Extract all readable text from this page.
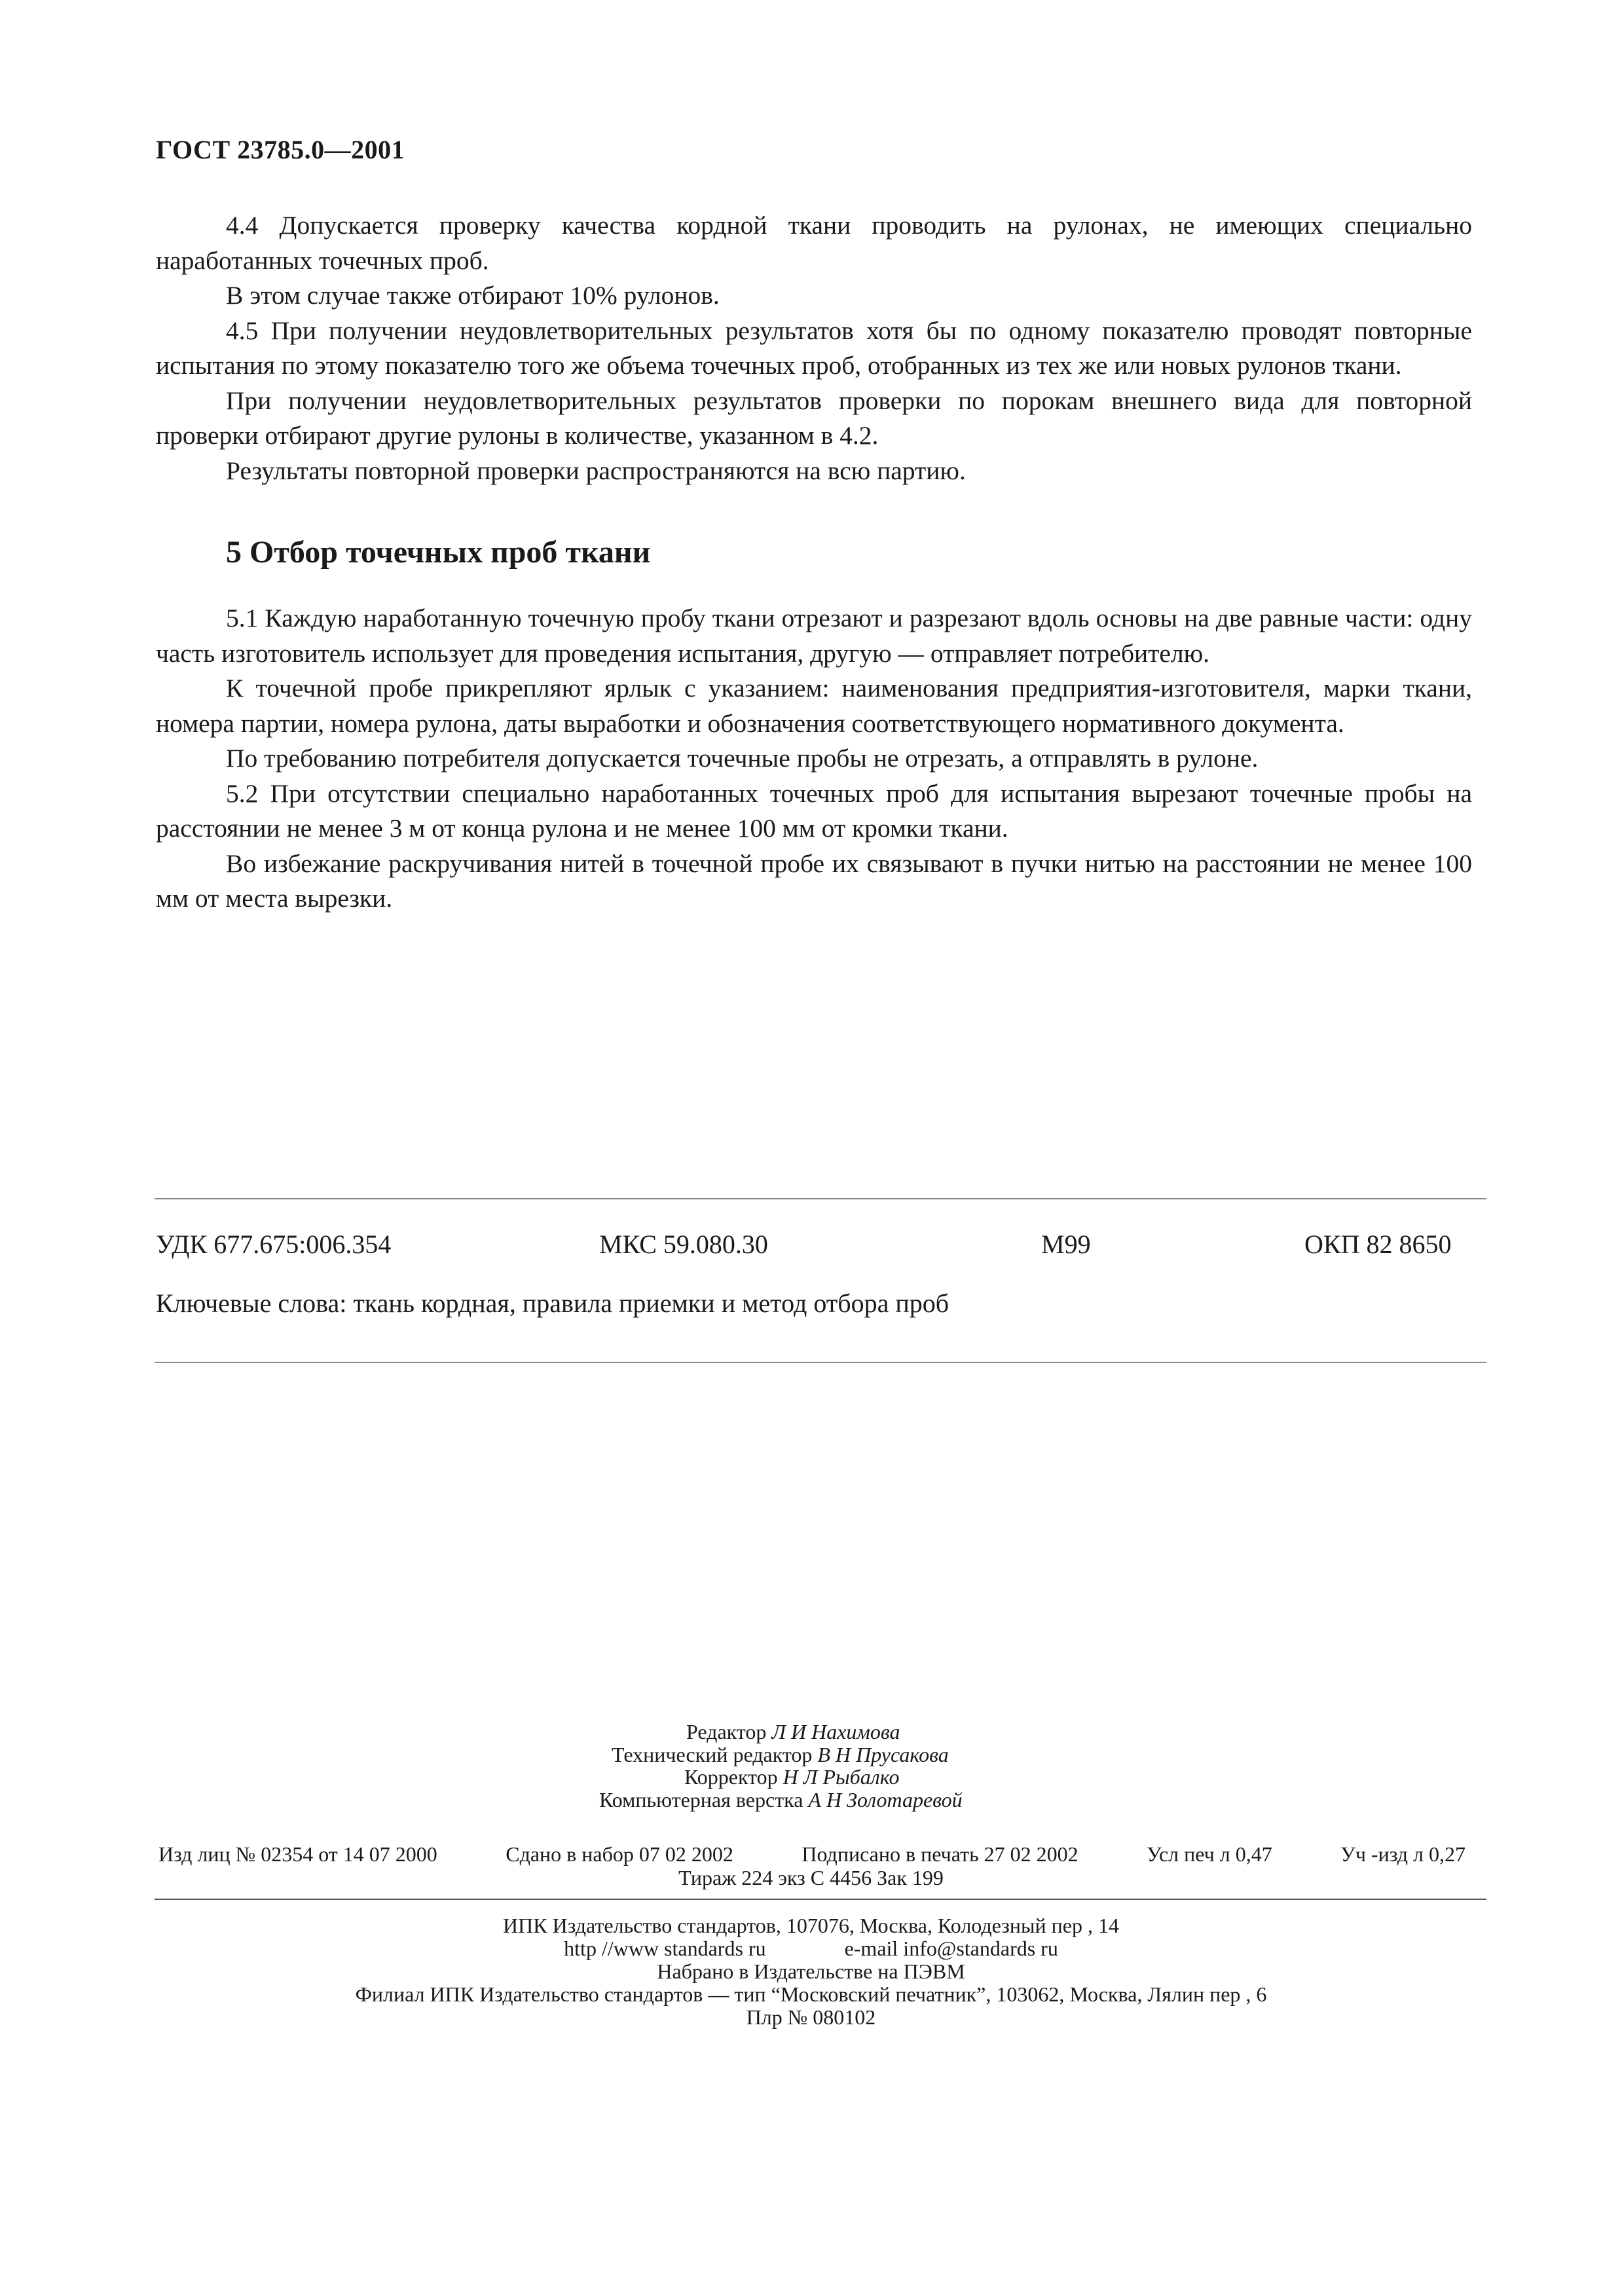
ГОСТ 23785.0—2001

4.4 Допускается проверку качества кордной ткани проводить на рулонах, не имеющих специально наработанных точечных проб.

В этом случае также отбирают 10% рулонов.

4.5 При получении неудовлетворительных результатов хотя бы по одному показателю проводят повторные испытания по этому показателю того же объема точечных проб, отобранных из тех же или новых рулонов ткани.

При получении неудовлетворительных результатов проверки по порокам внешнего вида для повторной проверки отбирают другие рулоны в количестве, указанном в 4.2.

Результаты повторной проверки распространяются на всю партию.

5 Отбор точечных проб ткани

5.1 Каждую наработанную точечную пробу ткани отрезают и разрезают вдоль основы на две равные части: одну часть изготовитель использует для проведения испытания, другую — отправляет потребителю.

К точечной пробе прикрепляют ярлык с указанием: наименования предприятия-изготовителя, марки ткани, номера партии, номера рулона, даты выработки и обозначения соответствующего нормативного документа.

По требованию потребителя допускается точечные пробы не отрезать, а отправлять в рулоне.

5.2 При отсутствии специально наработанных точечных проб для испытания вырезают точечные пробы на расстоянии не менее 3 м от конца рулона и не менее 100 мм от кромки ткани.

Во избежание раскручивания нитей в точечной пробе их связывают в пучки нитью на расстоянии не менее 100 мм от места вырезки.

УДК 677.675:006.354	МКС 59.080.30	М99	ОКП 82 8650
Ключевые слова: ткань кордная, правила приемки и метод отбора проб
Редактор Л И Нахимова
Технический редактор В Н Прусакова
Корректор Н Л Рыбалко
Компьютерная верстка А Н Золотаревой
Изд лиц № 02354 от 14 07 2000	Сдано в набор 07 02 2002	Подписано в печать 27 02 2002	Усл печ л 0,47	Уч -изд л 0,27
Тираж 224 экз С 4456 Зак 199
ИПК Издательство стандартов, 107076, Москва, Колодезный пер , 14
http //www standards ru	e-mail info@standards ru
Набрано в Издательстве на ПЭВМ
Филиал ИПК Издательство стандартов — тип “Московский печатник”, 103062, Москва, Лялин пер , 6
Плр № 080102
